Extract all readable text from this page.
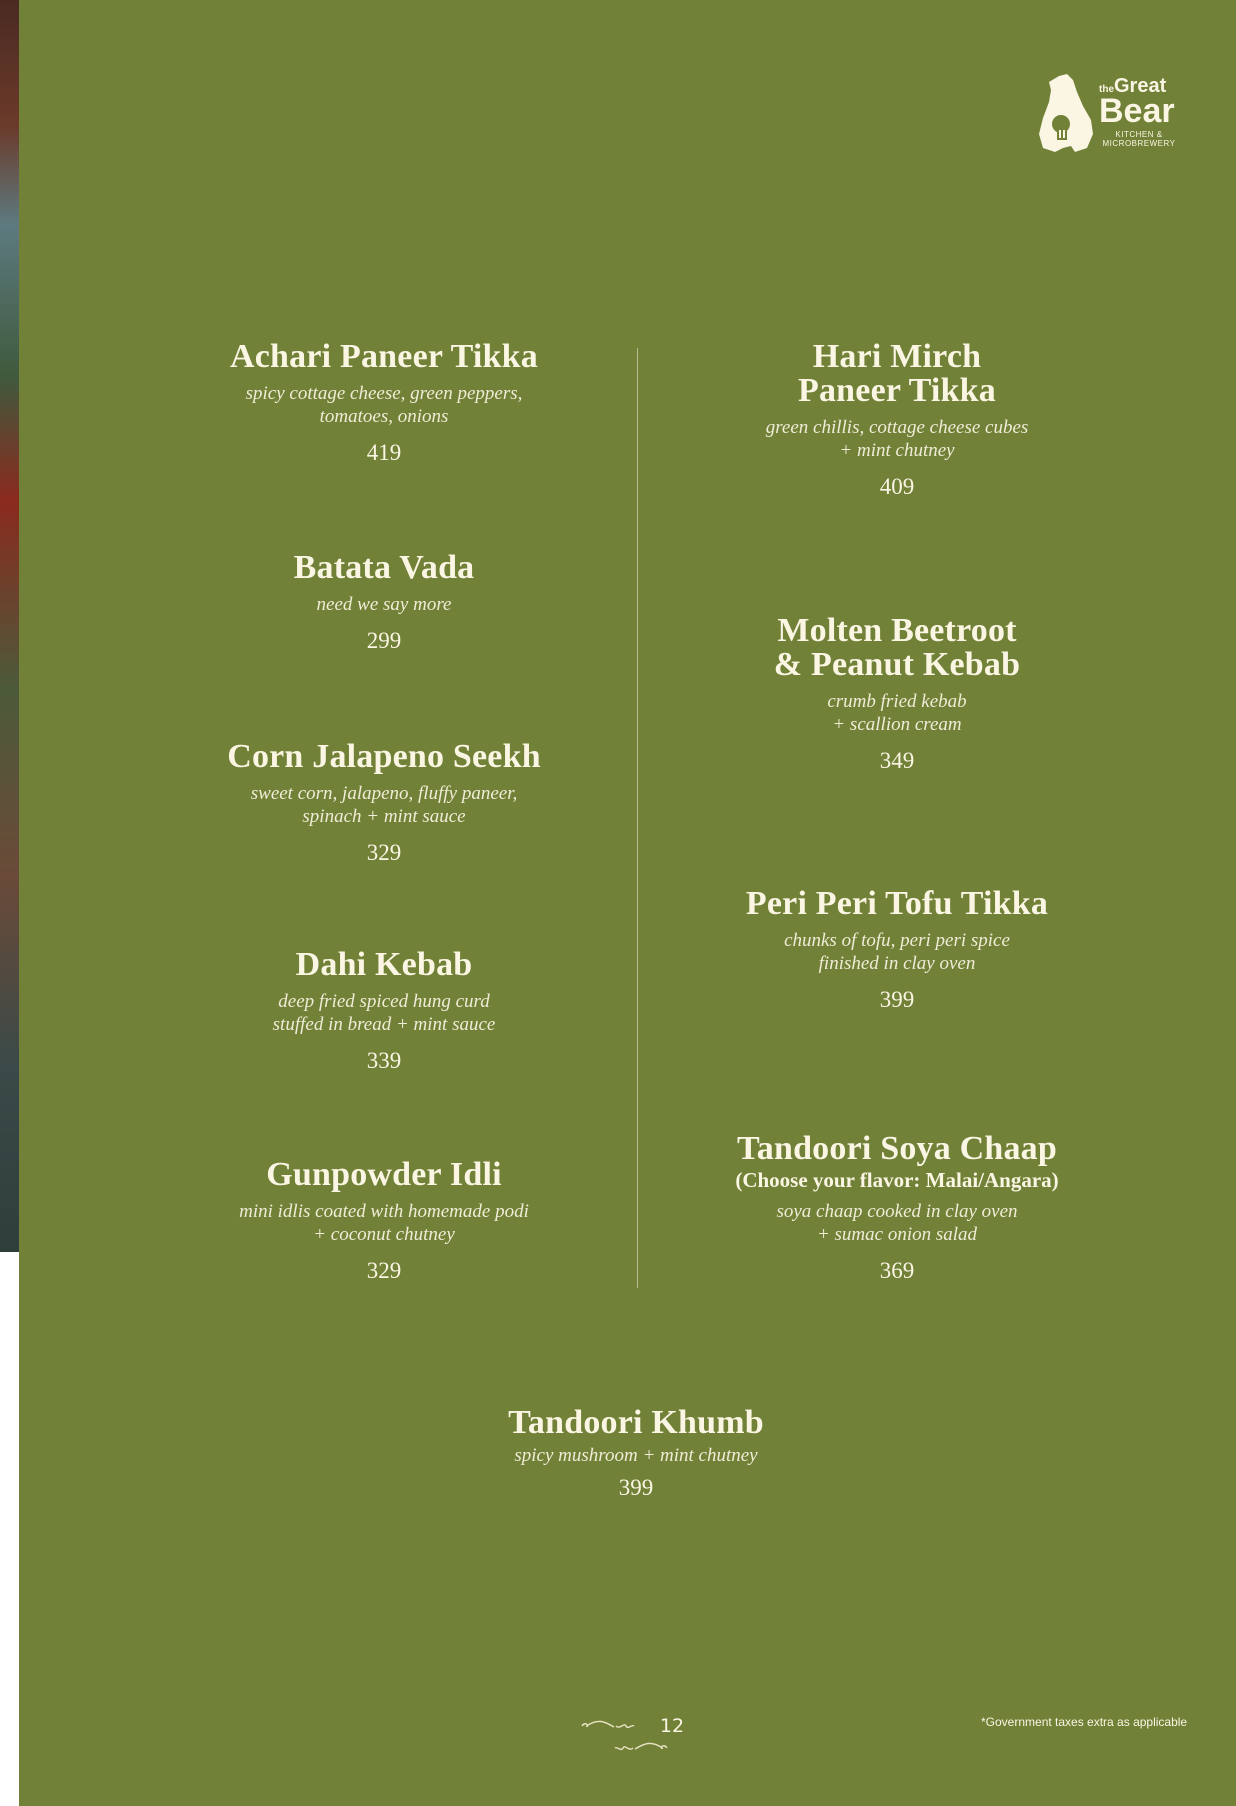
theGreat
Bear
KITCHEN &
MICROBREWERY
Achari Paneer Tikka
spicy cottage cheese, green peppers,
tomatoes, onions
419
Batata Vada
need we say more
299
Corn Jalapeno Seekh
sweet corn, jalapeno, fluffy paneer,
spinach + mint sauce
329
Dahi Kebab
deep fried spiced hung curd
stuffed in bread + mint sauce
339
Gunpowder Idli
mini idlis coated with homemade podi
+ coconut chutney
329
Hari Mirch
Paneer Tikka
green chillis, cottage cheese cubes
+ mint chutney
409
Molten Beetroot
& Peanut Kebab
crumb fried kebab
+ scallion cream
349
Peri Peri Tofu Tikka
chunks of tofu, peri peri spice
finished in clay oven
399
Tandoori Soya Chaap
(Choose your flavor: Malai/Angara)
soya chaap cooked in clay oven
+ sumac onion salad
369
Tandoori Khumb
spicy mushroom + mint chutney
399
12	*Government taxes extra as applicable
